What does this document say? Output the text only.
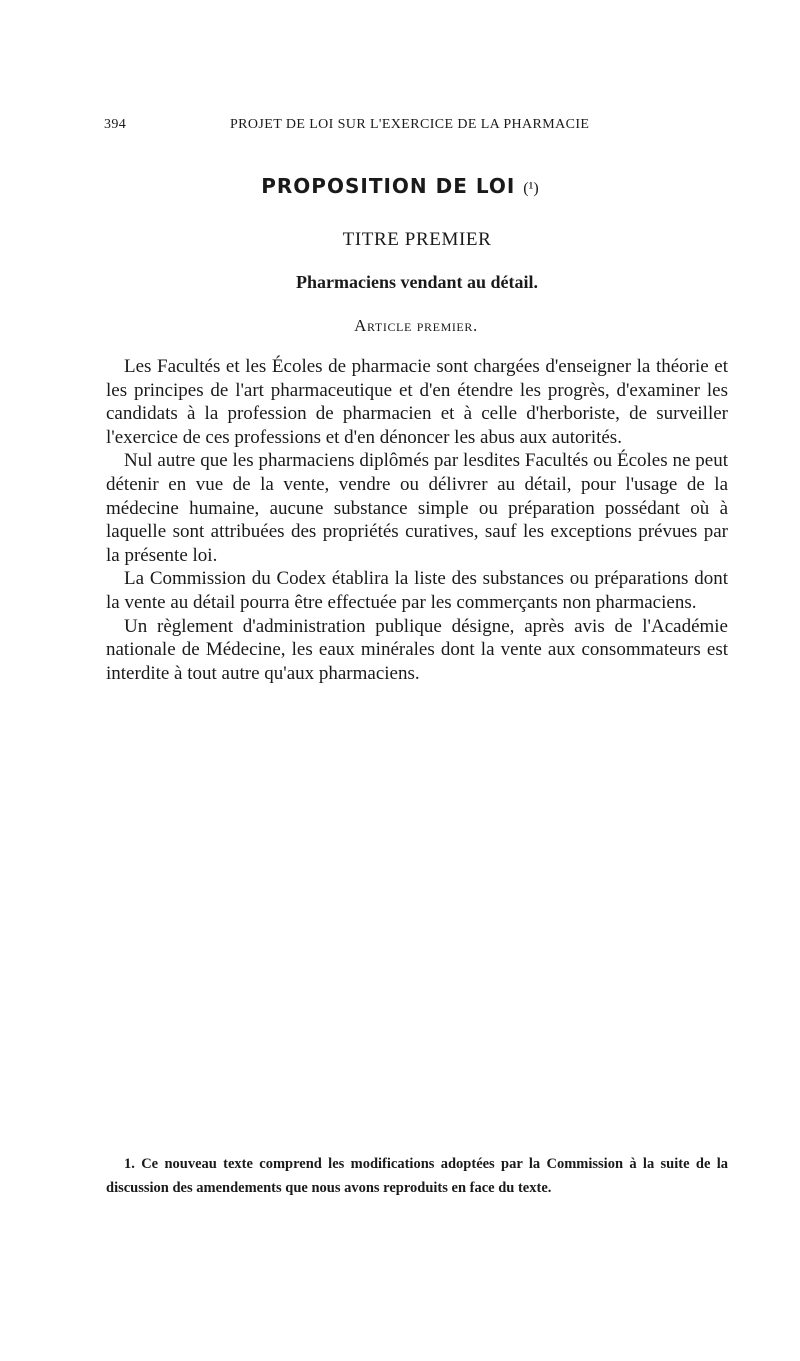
394	PROJET DE LOI SUR L'EXERCICE DE LA PHARMACIE
PROPOSITION DE LOI (¹)
TITRE PREMIER
Pharmaciens vendant au détail.
Article premier.

Les Facultés et les Écoles de pharmacie sont chargées d'enseigner la théorie et les principes de l'art pharmaceutique et d'en étendre les progrès, d'examiner les candidats à la profession de pharmacien et à celle d'herboriste, de surveiller l'exercice de ces professions et d'en dénoncer les abus aux autorités.

Nul autre que les pharmaciens diplômés par lesdites Facultés ou Écoles ne peut détenir en vue de la vente, vendre ou délivrer au détail, pour l'usage de la médecine humaine, aucune substance simple ou préparation possédant où à laquelle sont attribuées des propriétés curatives, sauf les exceptions prévues par la présente loi.

La Commission du Codex établira la liste des substances ou préparations dont la vente au détail pourra être effectuée par les commerçants non pharmaciens.

Un règlement d'administration publique désigne, après avis de l'Académie nationale de Médecine, les eaux minérales dont la vente aux consommateurs est interdite à tout autre qu'aux pharmaciens.

1. Ce nouveau texte comprend les modifications adoptées par la Commission à la suite de la discussion des amendements que nous avons reproduits en face du texte.
